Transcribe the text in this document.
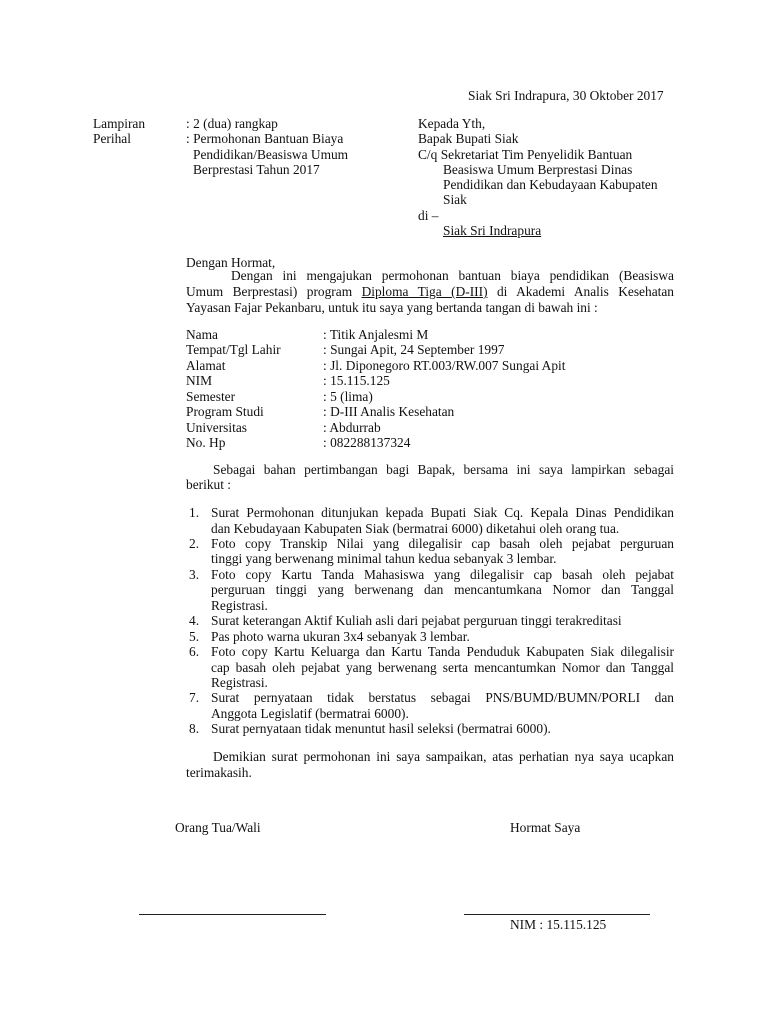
Siak Sri Indrapura, 30 Oktober 2017
Lampiran	: 2 (dua) rangkap
Perihal	: Permohonan Bantuan Biaya
Pendidikan/Beasiswa Umum
Berprestasi Tahun 2017
Kepada Yth,
Bapak Bupati Siak
C/q Sekretariat Tim Penyelidik Bantuan
Beasiswa Umum Berprestasi Dinas
Pendidikan dan Kebudayaan Kabupaten
Siak
di –
Siak Sri Indrapura
Dengan Hormat,
Dengan ini mengajukan permohonan bantuan biaya pendidikan (Beasiswa
Umum Berprestasi) program Diploma Tiga (D-III) di Akademi Analis Kesehatan
Yayasan Fajar Pekanbaru, untuk itu saya yang bertanda tangan di bawah ini :
Nama	: Titik Anjalesmi M
Tempat/Tgl Lahir	: Sungai Apit, 24 September 1997
Alamat	: Jl. Diponegoro RT.003/RW.007 Sungai Apit
NIM	: 15.115.125
Semester	: 5 (lima)
Program Studi	: D-III Analis Kesehatan
Universitas	: Abdurrab
No. Hp	: 082288137324
Sebagai bahan pertimbangan bagi Bapak, bersama ini saya lampirkan sebagai
berikut :
1. Surat Permohonan ditunjukan kepada Bupati Siak Cq. Kepala Dinas Pendidikan
dan Kebudayaan Kabupaten Siak (bermatrai 6000) diketahui oleh orang tua.
2. Foto copy Transkip Nilai yang dilegalisir cap basah oleh pejabat perguruan
tinggi yang berwenang minimal tahun kedua sebanyak 3 lembar.
3. Foto copy Kartu Tanda Mahasiswa yang dilegalisir cap basah oleh pejabat
perguruan tinggi yang berwenang dan mencantumkana Nomor dan Tanggal
Registrasi.
4. Surat keterangan Aktif Kuliah asli dari pejabat perguruan tinggi terakreditasi
5. Pas photo warna ukuran 3x4 sebanyak 3 lembar.
6. Foto copy Kartu Keluarga dan Kartu Tanda Penduduk Kabupaten Siak dilegalisir
cap basah oleh pejabat yang berwenang serta mencantumkan Nomor dan Tanggal
Registrasi.
7. Surat pernyataan tidak berstatus sebagai PNS/BUMD/BUMN/PORLI dan
Anggota Legislatif (bermatrai 6000).
8. Surat pernyataan tidak menuntut hasil seleksi (bermatrai 6000).
Demikian surat permohonan ini saya sampaikan, atas perhatian nya saya ucapkan
terimakasih.
Orang Tua/Wali	Hormat Saya
NIM : 15.115.125
